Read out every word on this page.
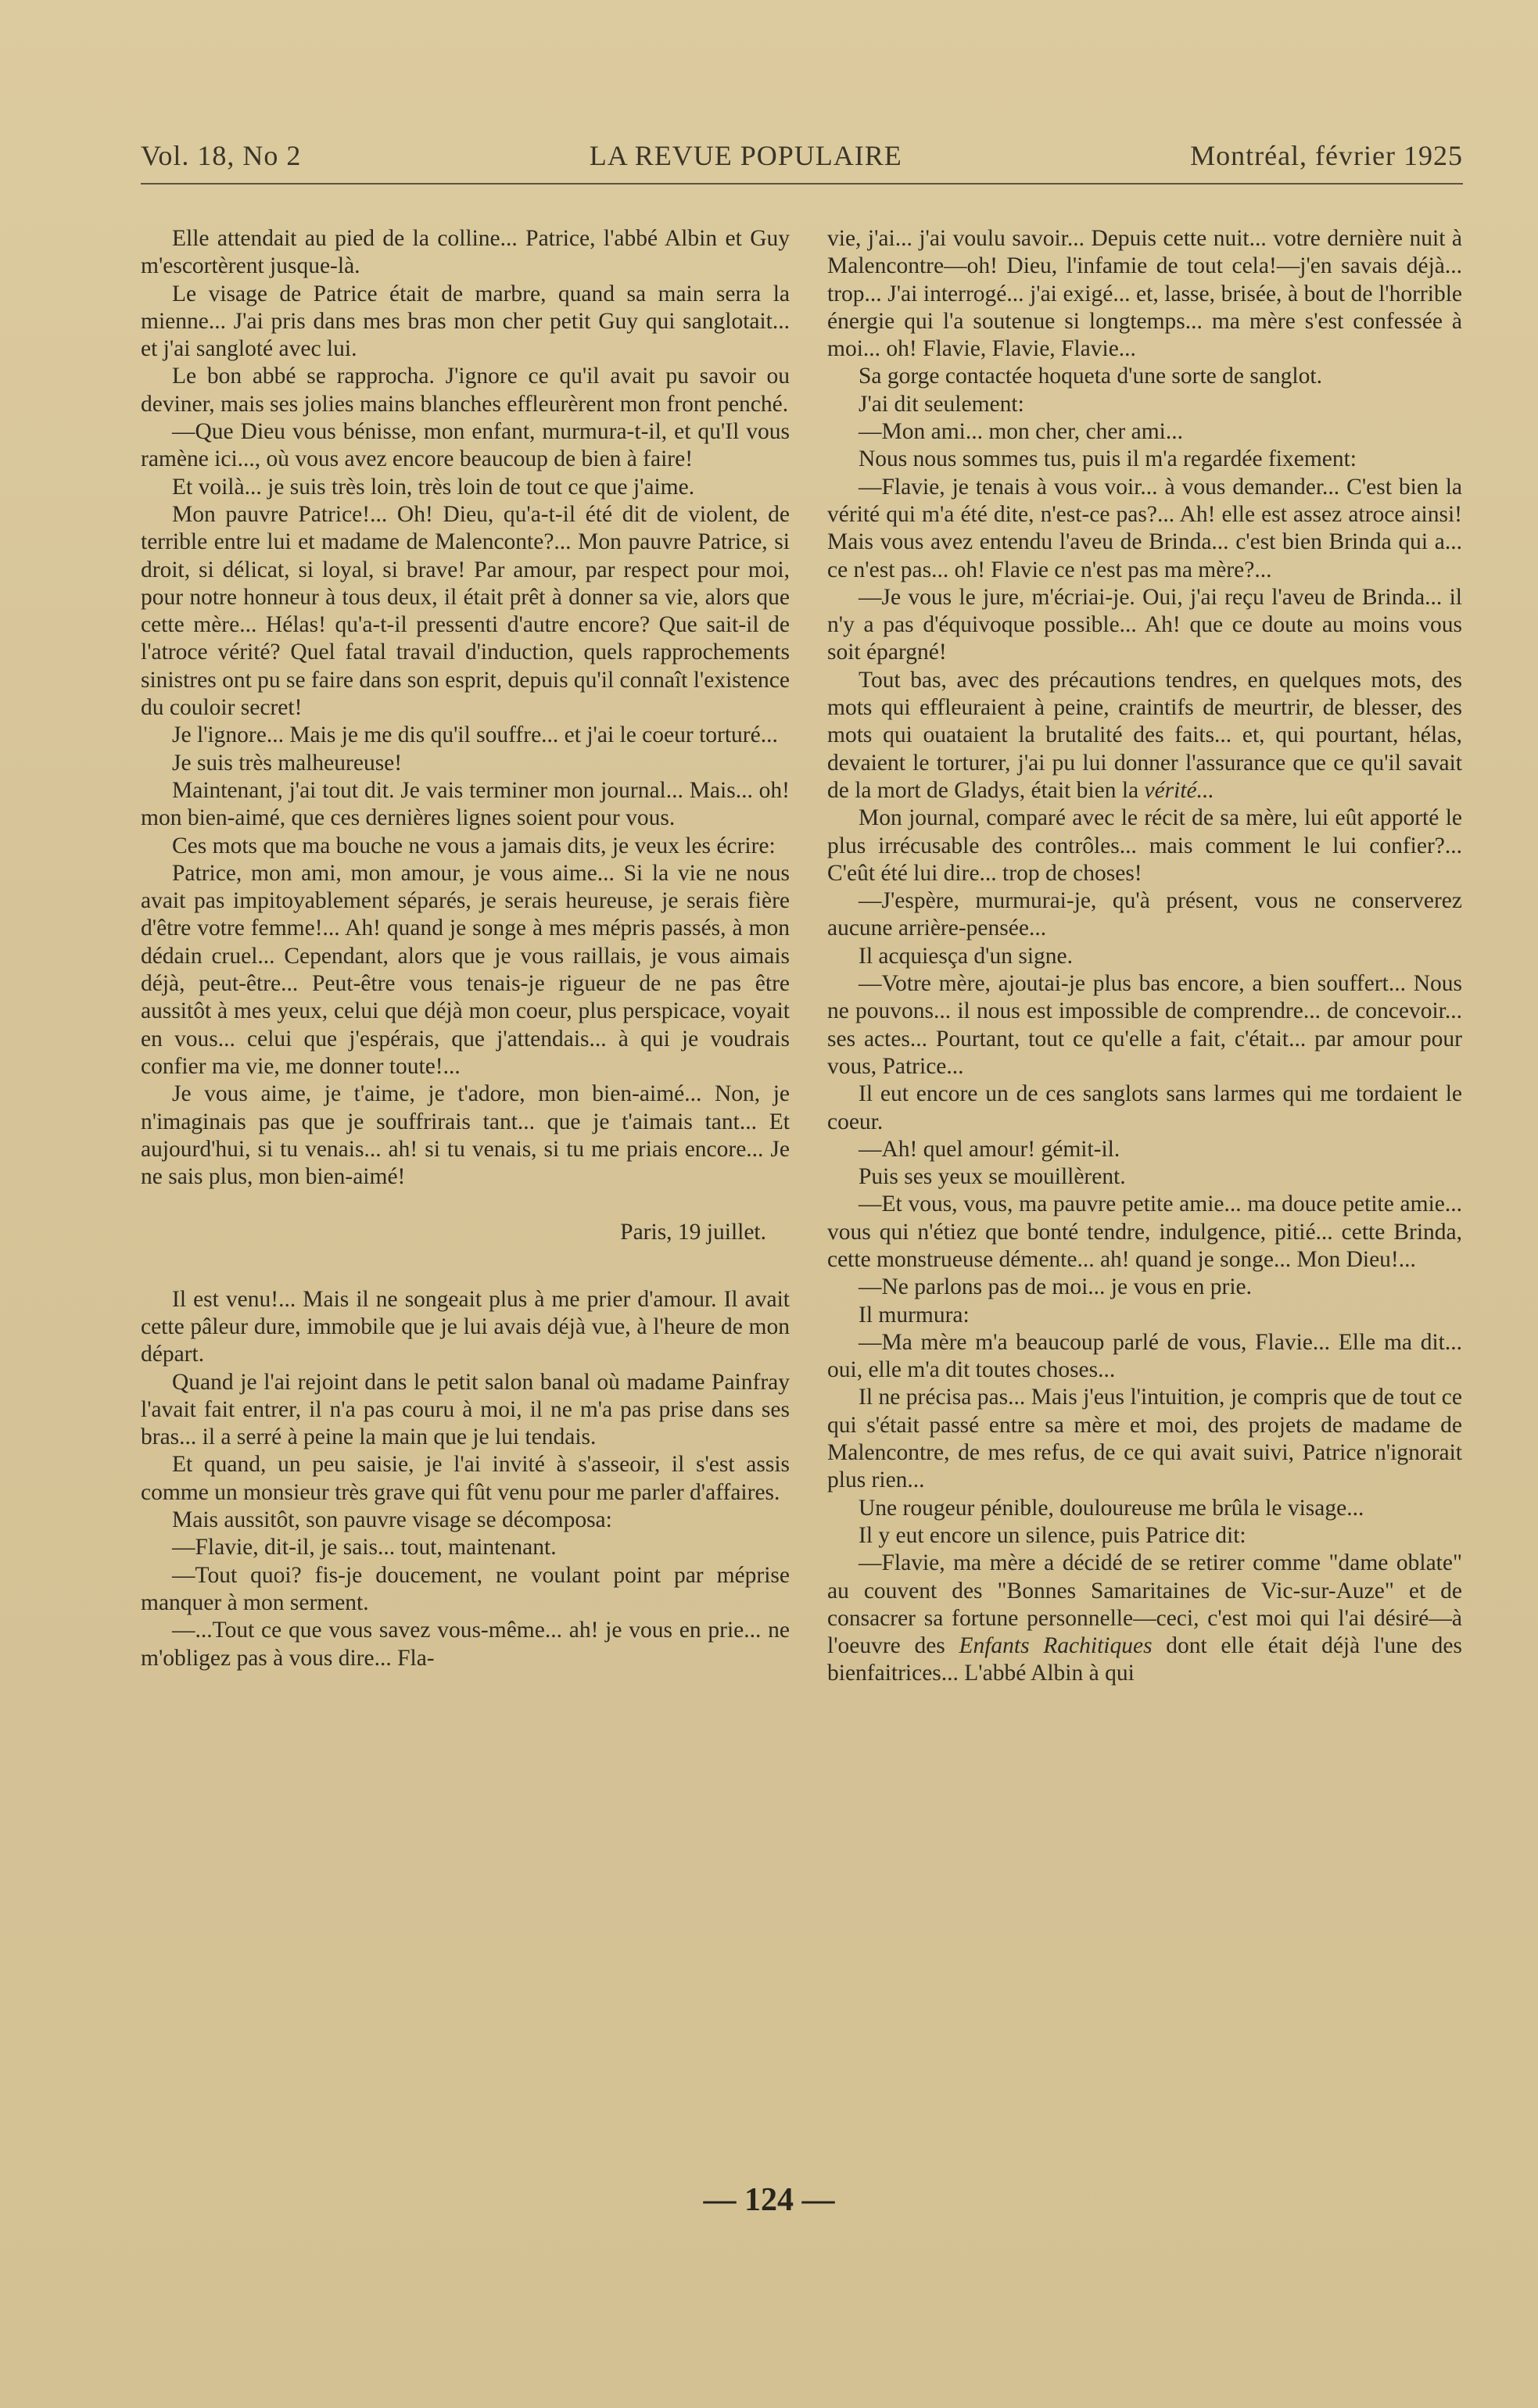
Vol. 18, No 2	LA REVUE POPULAIRE	Montréal, février 1925

Elle attendait au pied de la colline... Patrice, l'abbé Albin et Guy m'escortèrent jusque-là.

Le visage de Patrice était de marbre, quand sa main serra la mienne... J'ai pris dans mes bras mon cher petit Guy qui sanglotait... et j'ai sangloté avec lui.

Le bon abbé se rapprocha. J'ignore ce qu'il avait pu savoir ou deviner, mais ses jolies mains blanches effleurèrent mon front penché.

—Que Dieu vous bénisse, mon enfant, murmura-t-il, et qu'Il vous ramène ici..., où vous avez encore beaucoup de bien à faire!

Et voilà... je suis très loin, très loin de tout ce que j'aime.

Mon pauvre Patrice!... Oh! Dieu, qu'a-t-il été dit de violent, de terrible entre lui et madame de Malenconte?... Mon pauvre Patrice, si droit, si délicat, si loyal, si brave! Par amour, par respect pour moi, pour notre honneur à tous deux, il était prêt à donner sa vie, alors que cette mère... Hélas! qu'a-t-il pressenti d'autre encore? Que sait-il de l'atroce vérité? Quel fatal travail d'induction, quels rapprochements sinistres ont pu se faire dans son esprit, depuis qu'il connaît l'existence du couloir secret!

Je l'ignore... Mais je me dis qu'il souffre... et j'ai le coeur torturé...

Je suis très malheureuse!

Maintenant, j'ai tout dit. Je vais terminer mon journal... Mais... oh! mon bien-aimé, que ces dernières lignes soient pour vous.

Ces mots que ma bouche ne vous a jamais dits, je veux les écrire:

Patrice, mon ami, mon amour, je vous aime... Si la vie ne nous avait pas impitoyablement séparés, je serais heureuse, je serais fière d'être votre femme!... Ah! quand je songe à mes mépris passés, à mon dédain cruel... Cependant, alors que je vous raillais, je vous aimais déjà, peut-être... Peut-être vous tenais-je rigueur de ne pas être aussitôt à mes yeux, celui que déjà mon coeur, plus perspicace, voyait en vous... celui que j'espérais, que j'attendais... à qui je voudrais confier ma vie, me donner toute!...

Je vous aime, je t'aime, je t'adore, mon bien-aimé... Non, je n'imaginais pas que je souffrirais tant... que je t'aimais tant... Et aujourd'hui, si tu venais... ah! si tu venais, si tu me priais encore... Je ne sais plus, mon bien-aimé!

Paris, 19 juillet.

Il est venu!... Mais il ne songeait plus à me prier d'amour. Il avait cette pâleur dure, immobile que je lui avais déjà vue, à l'heure de mon départ.

Quand je l'ai rejoint dans le petit salon banal où madame Painfray l'avait fait entrer, il n'a pas couru à moi, il ne m'a pas prise dans ses bras... il a serré à peine la main que je lui tendais.

Et quand, un peu saisie, je l'ai invité à s'asseoir, il s'est assis comme un monsieur très grave qui fût venu pour me parler d'affaires.

Mais aussitôt, son pauvre visage se décomposa:

—Flavie, dit-il, je sais... tout, maintenant.

—Tout quoi? fis-je doucement, ne voulant point par méprise manquer à mon serment.

—...Tout ce que vous savez vous-même... ah! je vous en prie... ne m'obligez pas à vous dire... Fla-

vie, j'ai... j'ai voulu savoir... Depuis cette nuit... votre dernière nuit à Malencontre—oh! Dieu, l'infamie de tout cela!—j'en savais déjà... trop... J'ai interrogé... j'ai exigé... et, lasse, brisée, à bout de l'horrible énergie qui l'a soutenue si longtemps... ma mère s'est confessée à moi... oh! Flavie, Flavie, Flavie...

Sa gorge contactée hoqueta d'une sorte de sanglot.

J'ai dit seulement:

—Mon ami... mon cher, cher ami...

Nous nous sommes tus, puis il m'a regardée fixement:

—Flavie, je tenais à vous voir... à vous demander... C'est bien la vérité qui m'a été dite, n'est-ce pas?... Ah! elle est assez atroce ainsi! Mais vous avez entendu l'aveu de Brinda... c'est bien Brinda qui a... ce n'est pas... oh! Flavie ce n'est pas ma mère?...

—Je vous le jure, m'écriai-je. Oui, j'ai reçu l'aveu de Brinda... il n'y a pas d'équivoque possible... Ah! que ce doute au moins vous soit épargné!

Tout bas, avec des précautions tendres, en quelques mots, des mots qui effleuraient à peine, craintifs de meurtrir, de blesser, des mots qui ouataient la brutalité des faits... et, qui pourtant, hélas, devaient le torturer, j'ai pu lui donner l'assurance que ce qu'il savait de la mort de Gladys, était bien la vérité...

Mon journal, comparé avec le récit de sa mère, lui eût apporté le plus irrécusable des contrôles... mais comment le lui confier?... C'eût été lui dire... trop de choses!

—J'espère, murmurai-je, qu'à présent, vous ne conserverez aucune arrière-pensée...

Il acquiesça d'un signe.

—Votre mère, ajoutai-je plus bas encore, a bien souffert... Nous ne pouvons... il nous est impossible de comprendre... de concevoir... ses actes... Pourtant, tout ce qu'elle a fait, c'était... par amour pour vous, Patrice...

Il eut encore un de ces sanglots sans larmes qui me tordaient le coeur.

—Ah! quel amour! gémit-il.

Puis ses yeux se mouillèrent.

—Et vous, vous, ma pauvre petite amie... ma douce petite amie... vous qui n'étiez que bonté tendre, indulgence, pitié... cette Brinda, cette monstrueuse démente... ah! quand je songe... Mon Dieu!...

—Ne parlons pas de moi... je vous en prie.

Il murmura:

—Ma mère m'a beaucoup parlé de vous, Flavie... Elle ma dit... oui, elle m'a dit toutes choses...

Il ne précisa pas... Mais j'eus l'intuition, je compris que de tout ce qui s'était passé entre sa mère et moi, des projets de madame de Malencontre, de mes refus, de ce qui avait suivi, Patrice n'ignorait plus rien...

Une rougeur pénible, douloureuse me brûla le visage...

Il y eut encore un silence, puis Patrice dit:

—Flavie, ma mère a décidé de se retirer comme "dame oblate" au couvent des "Bonnes Samaritaines de Vic-sur-Auze" et de consacrer sa fortune personnelle—ceci, c'est moi qui l'ai désiré—à l'oeuvre des Enfants Rachitiques dont elle était déjà l'une des bienfaitrices... L'abbé Albin à qui

— 124 —
